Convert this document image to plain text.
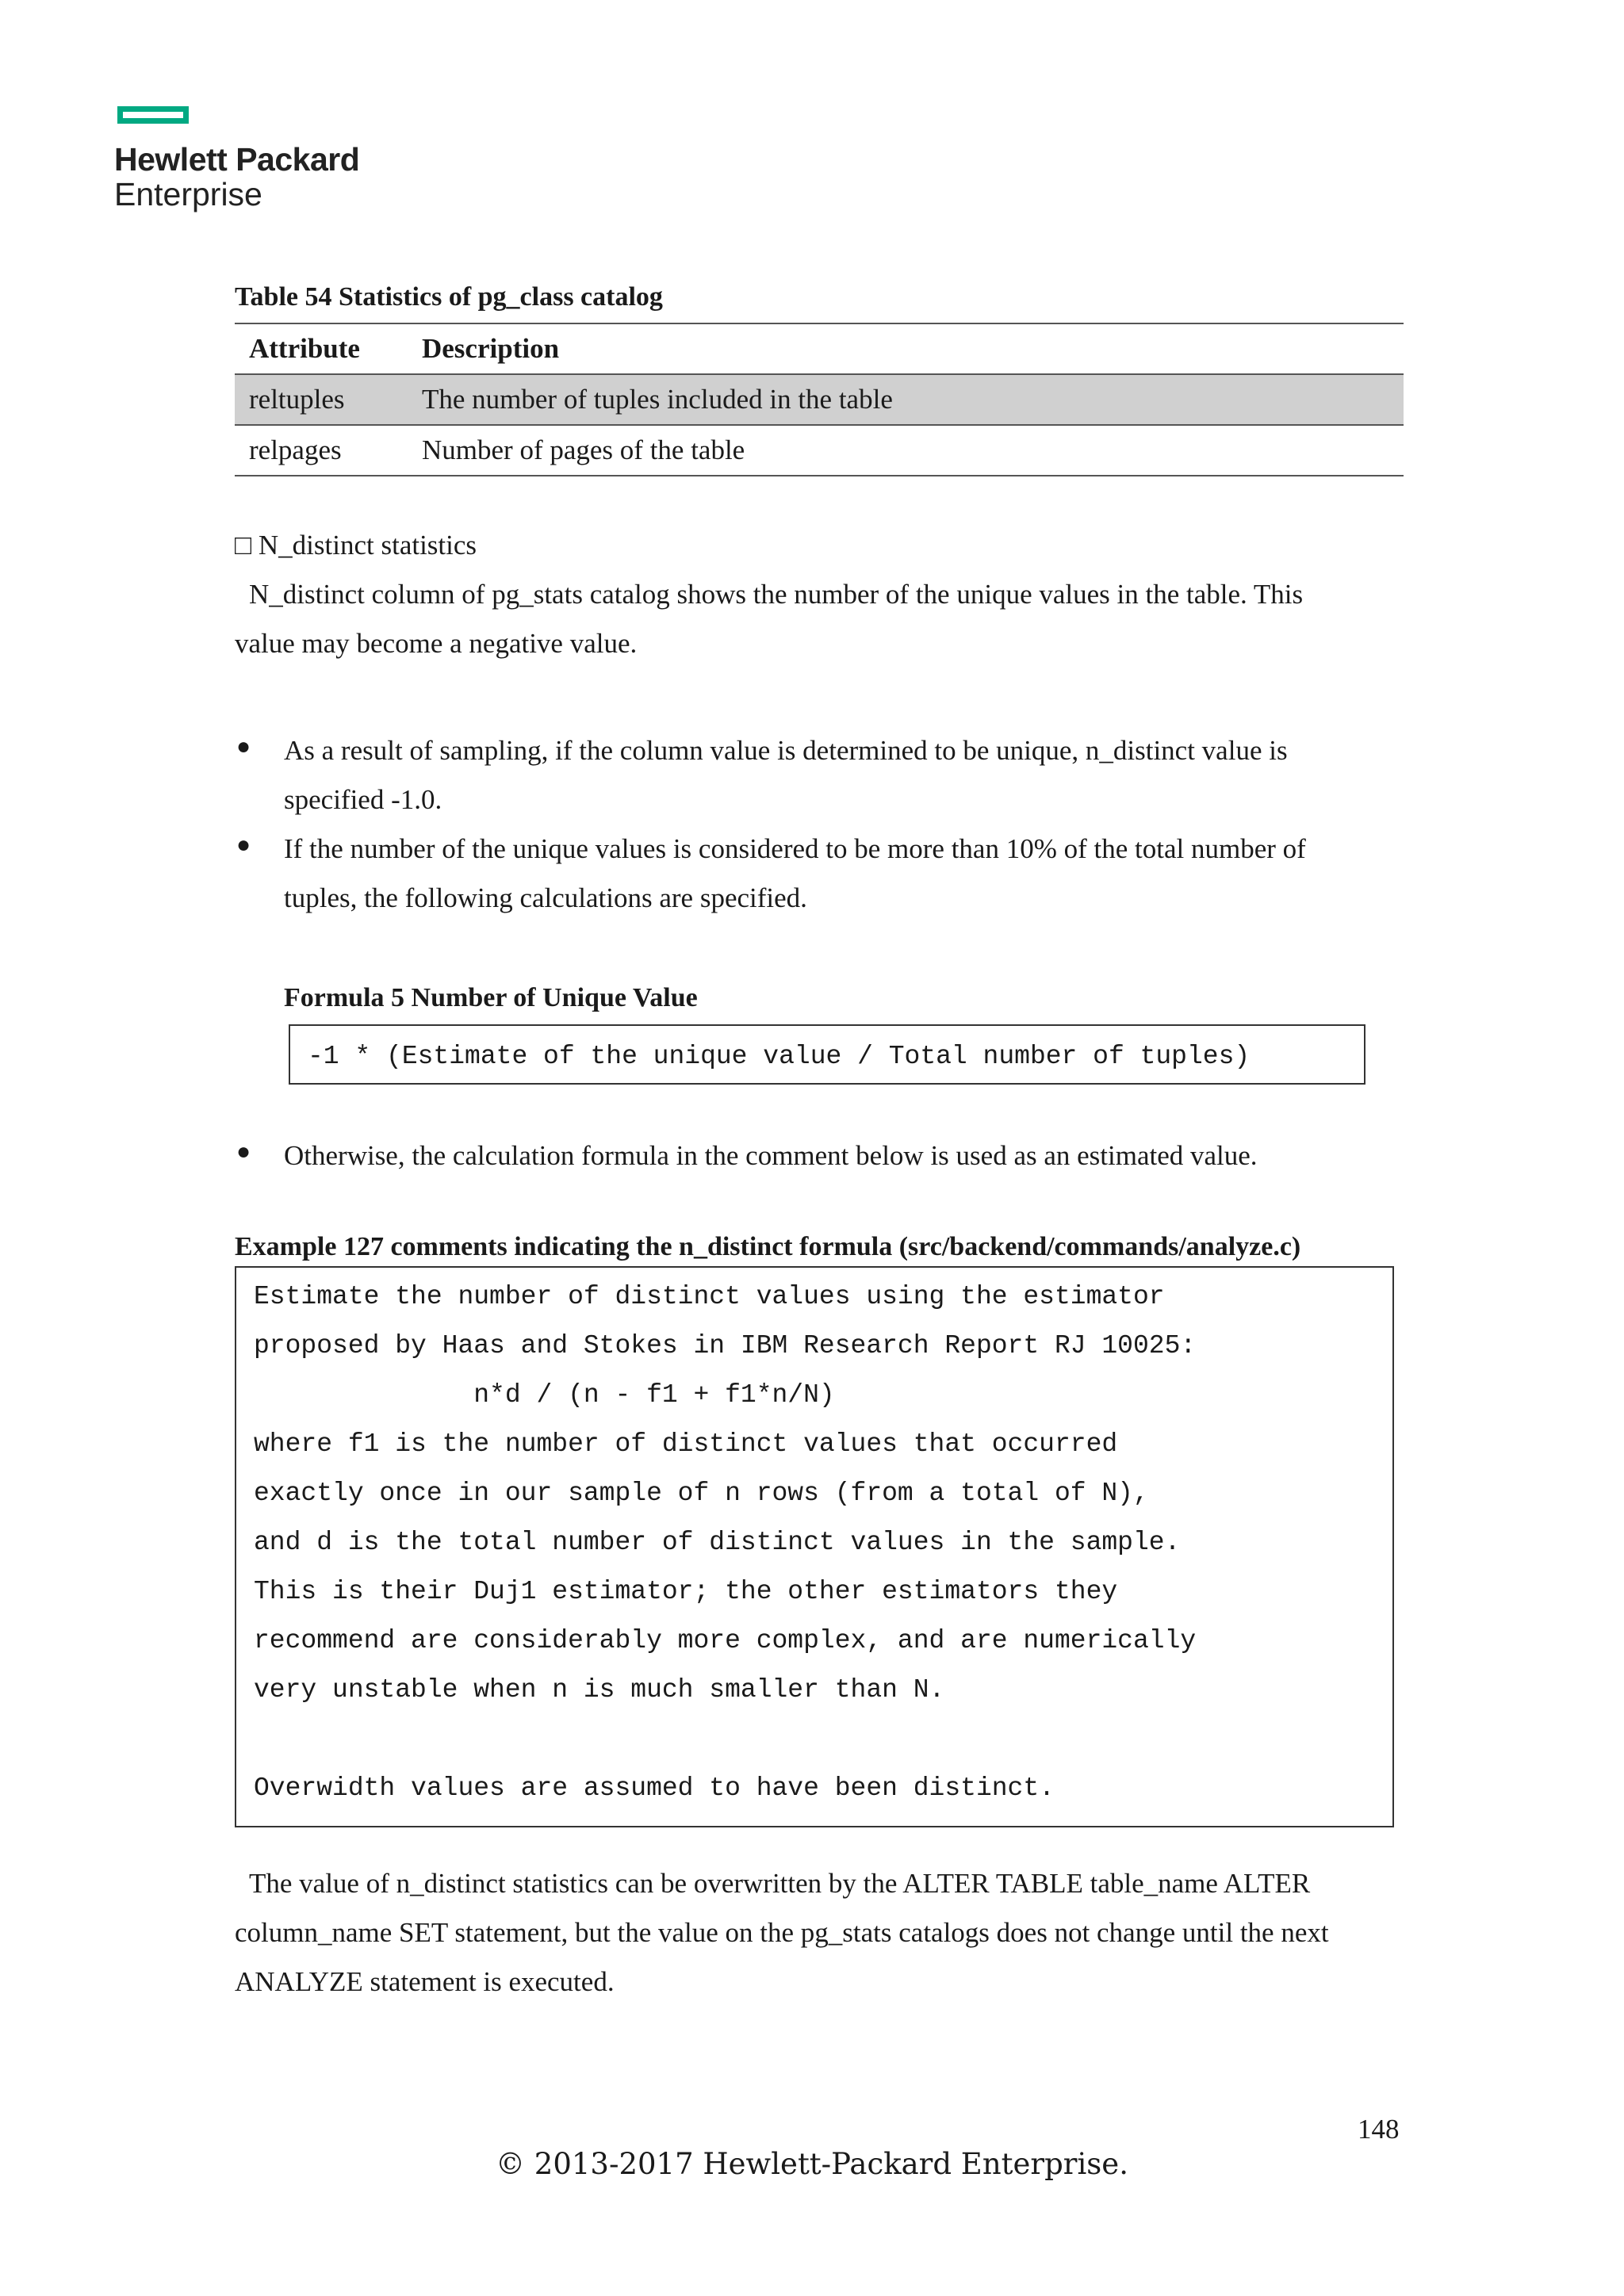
Hewlett Packard
Enterprise
Table 54 Statistics of pg_class catalog
Attribute	Description
reltuples	The number of tuples included in the table
relpages	Number of pages of the table
□ N_distinct statistics
N_distinct column of pg_stats catalog shows the number of the unique values in the table. This
value may become a negative value.
● As a result of sampling, if the column value is determined to be unique, n_distinct value is
specified -1.0.
● If the number of the unique values is considered to be more than 10% of the total number of
tuples, the following calculations are specified.
Formula 5 Number of Unique Value
-1 * (Estimate of the unique value / Total number of tuples)
● Otherwise, the calculation formula in the comment below is used as an estimated value.
Example 127 comments indicating the n_distinct formula (src/backend/commands/analyze.c)
Estimate the number of distinct values using the estimator
proposed by Haas and Stokes in IBM Research Report RJ 10025:
n*d / (n - f1 + f1*n/N)
where f1 is the number of distinct values that occurred
exactly once in our sample of n rows (from a total of N),
and d is the total number of distinct values in the sample.
This is their Duj1 estimator; the other estimators they
recommend are considerably more complex, and are numerically
very unstable when n is much smaller than N.
Overwidth values are assumed to have been distinct.
The value of n_distinct statistics can be overwritten by the ALTER TABLE table_name ALTER
column_name SET statement, but the value on the pg_stats catalogs does not change until the next
ANALYZE statement is executed.
148
© 2013-2017 Hewlett-Packard Enterprise.
